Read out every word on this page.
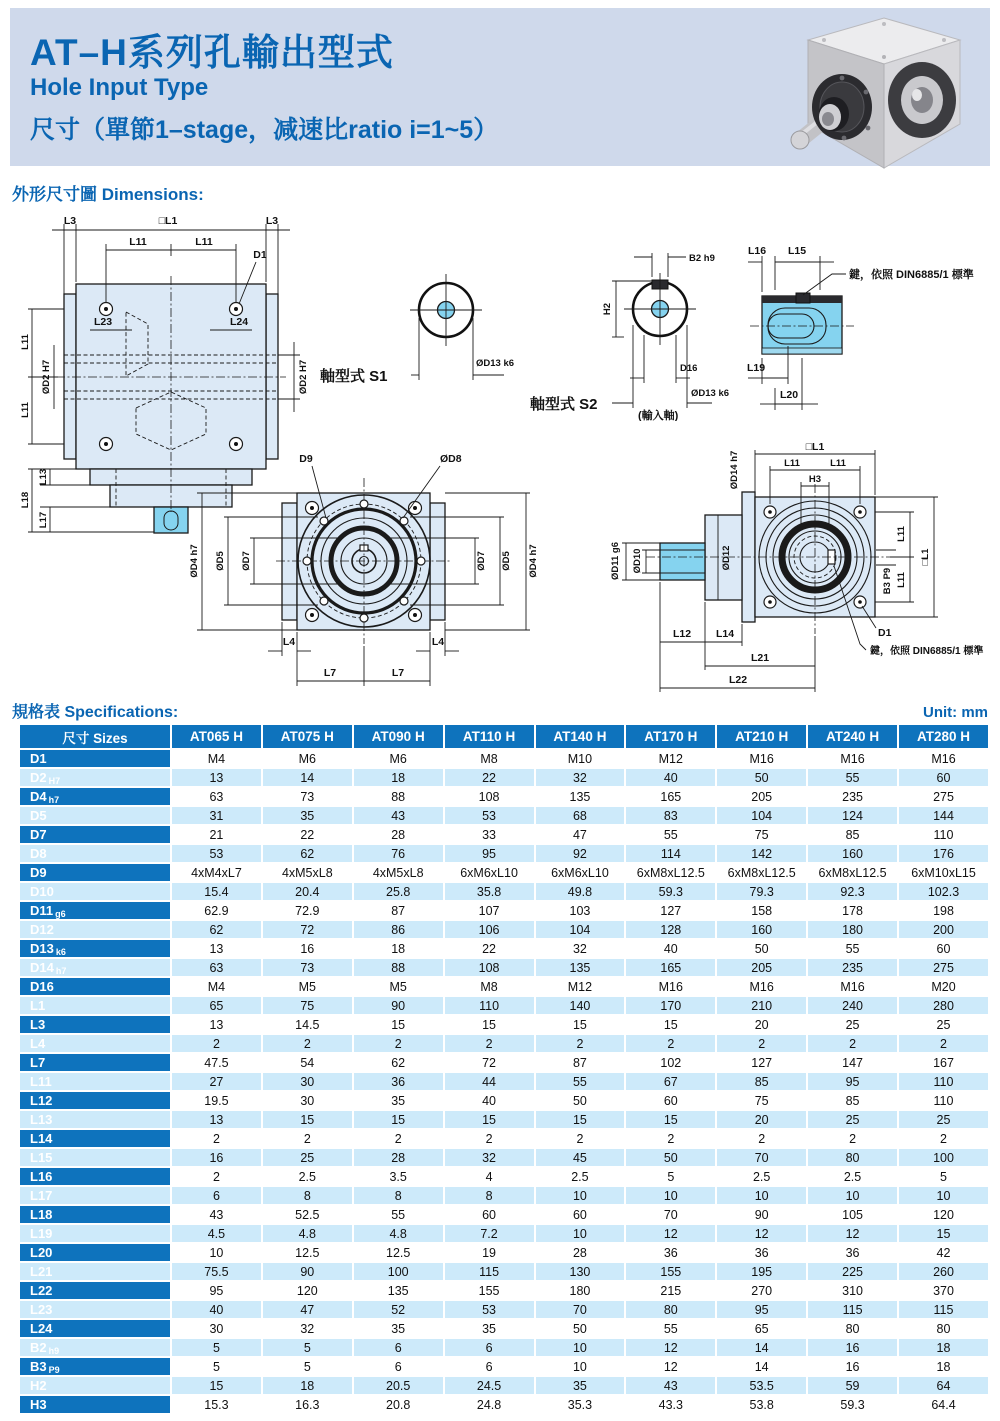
AT–H系列孔輸出型式
Hole Input Type
尺寸（單節1–stage，减速比ratio i=1~5）
外形尺寸圖 Dimensions:
L3	□L1	L3
L11	L11
D1
L23	L24
ØD2 H7
L11
L11
ØD2 H7
L18
L13
L17
ØD13 k6
軸型式 S1
B2 h9
H2
D16
ØD13 k6
軸型式 S2
(輸入軸)
L16 L15
鍵，依照 DIN6885/1 標準
L19
L20
D9	ØD8
ØD4 h7 ØD5 ØD7	ØD7 ØD5 ØD4 h7
L4	L4
L7	L7
□L1
L11	L11
H3
ØD14 h7
ØD11 g6 ØD10	ØD12
L11
L11
□L1
B3 P9
L12 L14
L21
L22
D1
鍵，依照 DIN6885/1 標準
規格表 Specifications:	Unit: mm
尺寸 Sizes	AT065 H	AT075 H	AT090 H	AT110 H	AT140 H	AT170 H	AT210 H	AT240 H	AT280 H
D1	M4	M6	M6	M8	M10	M12	M16	M16	M16
D2 H7	13	14	18	22	32	40	50	55	60
D4 h7	63	73	88	108	135	165	205	235	275
D5	31	35	43	53	68	83	104	124	144
D7	21	22	28	33	47	55	75	85	110
D8	53	62	76	95	92	114	142	160	176
D9	4xM4xL7	4xM5xL8	4xM5xL8	6xM6xL10	6xM6xL10	6xM8xL12.5	6xM8xL12.5	6xM8xL12.5	6xM10xL15
D10	15.4	20.4	25.8	35.8	49.8	59.3	79.3	92.3	102.3
D11 g6	62.9	72.9	87	107	103	127	158	178	198
D12	62	72	86	106	104	128	160	180	200
D13 k6	13	16	18	22	32	40	50	55	60
D14 h7	63	73	88	108	135	165	205	235	275
D16	M4	M5	M5	M8	M12	M16	M16	M16	M20
L1	65	75	90	110	140	170	210	240	280
L3	13	14.5	15	15	15	15	20	25	25
L4	2	2	2	2	2	2	2	2	2
L7	47.5	54	62	72	87	102	127	147	167
L11	27	30	36	44	55	67	85	95	110
L12	19.5	30	35	40	50	60	75	85	110
L13	13	15	15	15	15	15	20	25	25
L14	2	2	2	2	2	2	2	2	2
L15	16	25	28	32	45	50	70	80	100
L16	2	2.5	3.5	4	2.5	5	2.5	2.5	5
L17	6	8	8	8	10	10	10	10	10
L18	43	52.5	55	60	60	70	90	105	120
L19	4.5	4.8	4.8	7.2	10	12	12	12	15
L20	10	12.5	12.5	19	28	36	36	36	42
L21	75.5	90	100	115	130	155	195	225	260
L22	95	120	135	155	180	215	270	310	370
L23	40	47	52	53	70	80	95	115	115
L24	30	32	35	35	50	55	65	80	80
B2 h9	5	5	6	6	10	12	14	16	18
B3 P9	5	5	6	6	10	12	14	16	18
H2	15	18	20.5	24.5	35	43	53.5	59	64
H3	15.3	16.3	20.8	24.8	35.3	43.3	53.8	59.3	64.4
